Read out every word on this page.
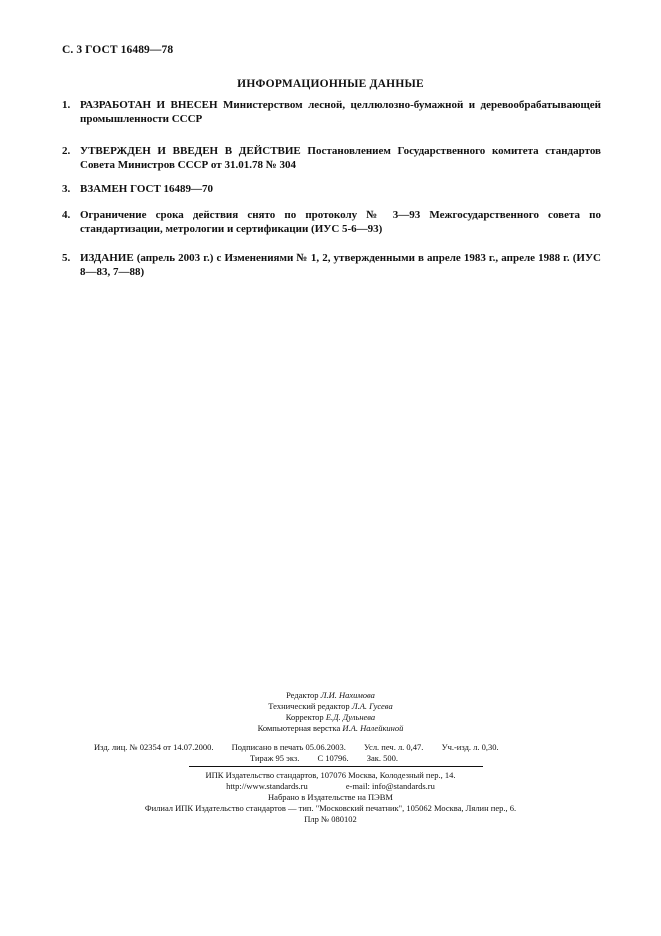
С. 3 ГОСТ 16489—78
ИНФОРМАЦИОННЫЕ ДАННЫЕ
1. РАЗРАБОТАН И ВНЕСЕН Министерством лесной, целлюлозно-бумажной и деревообрабатывающей промышленности СССР
2. УТВЕРЖДЕН И ВВЕДЕН В ДЕЙСТВИЕ Постановлением Государственного комитета стандартов Совета Министров СССР от 31.01.78 № 304
3. ВЗАМЕН ГОСТ 16489—70
4. Ограничение срока действия снято по протоколу № 3—93 Межгосударственного совета по стандартизации, метрологии и сертификации (ИУС 5-6—93)
5. ИЗДАНИЕ (апрель 2003 г.) с Изменениями № 1, 2, утвержденными в апреле 1983 г., апреле 1988 г. (ИУС 8—83, 7—88)
Редактор Л.И. Нахимова
Технический редактор Л.А. Гусева
Корректор Е.Д. Дульнева
Компьютерная верстка И.А. Налейкиной
Изд. лиц. № 02354 от 14.07.2000. Подписано в печать 05.06.2003. Усл. печ. л. 0,47. Уч.-изд. л. 0,30.
Тираж 95 экз. С 10796. Зак. 500.
ИПК Издательство стандартов, 107076 Москва, Колодезный пер., 14.
http://www.standards.ru	e-mail: info@standards.ru
Набрано в Издательстве на ПЭВМ
Филиал ИПК Издательство стандартов — тип. "Московский печатник", 105062 Москва, Лялин пер., 6.
Плр № 080102
